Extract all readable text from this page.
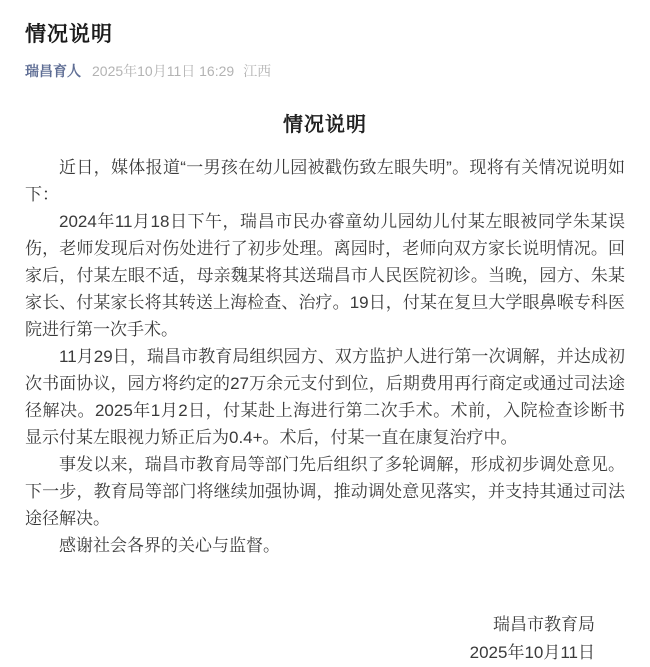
情况说明
瑞昌育人 2025年10月11日 16:29 江西
情况说明

近日，媒体报道“一男孩在幼儿园被戳伤致左眼失明”。现将有关情况说明如下：

2024年11月18日下午，瑞昌市民办睿童幼儿园幼儿付某左眼被同学朱某误伤，老师发现后对伤处进行了初步处理。离园时，老师向双方家长说明情况。回家后，付某左眼不适，母亲魏某将其送瑞昌市人民医院初诊。当晚，园方、朱某家长、付某家长将其转送上海检查、治疗。19日，付某在复旦大学眼鼻喉专科医院进行第一次手术。

11月29日，瑞昌市教育局组织园方、双方监护人进行第一次调解，并达成初次书面协议，园方将约定的27万余元支付到位，后期费用再行商定或通过司法途径解决。2025年1月2日，付某赴上海进行第二次手术。术前，入院检查诊断书显示付某左眼视力矫正后为0.4+。术后，付某一直在康复治疗中。

事发以来，瑞昌市教育局等部门先后组织了多轮调解，形成初步调处意见。下一步，教育局等部门将继续加强协调，推动调处意见落实，并支持其通过司法途径解决。

感谢社会各界的关心与监督。

瑞昌市教育局
2025年10月11日
